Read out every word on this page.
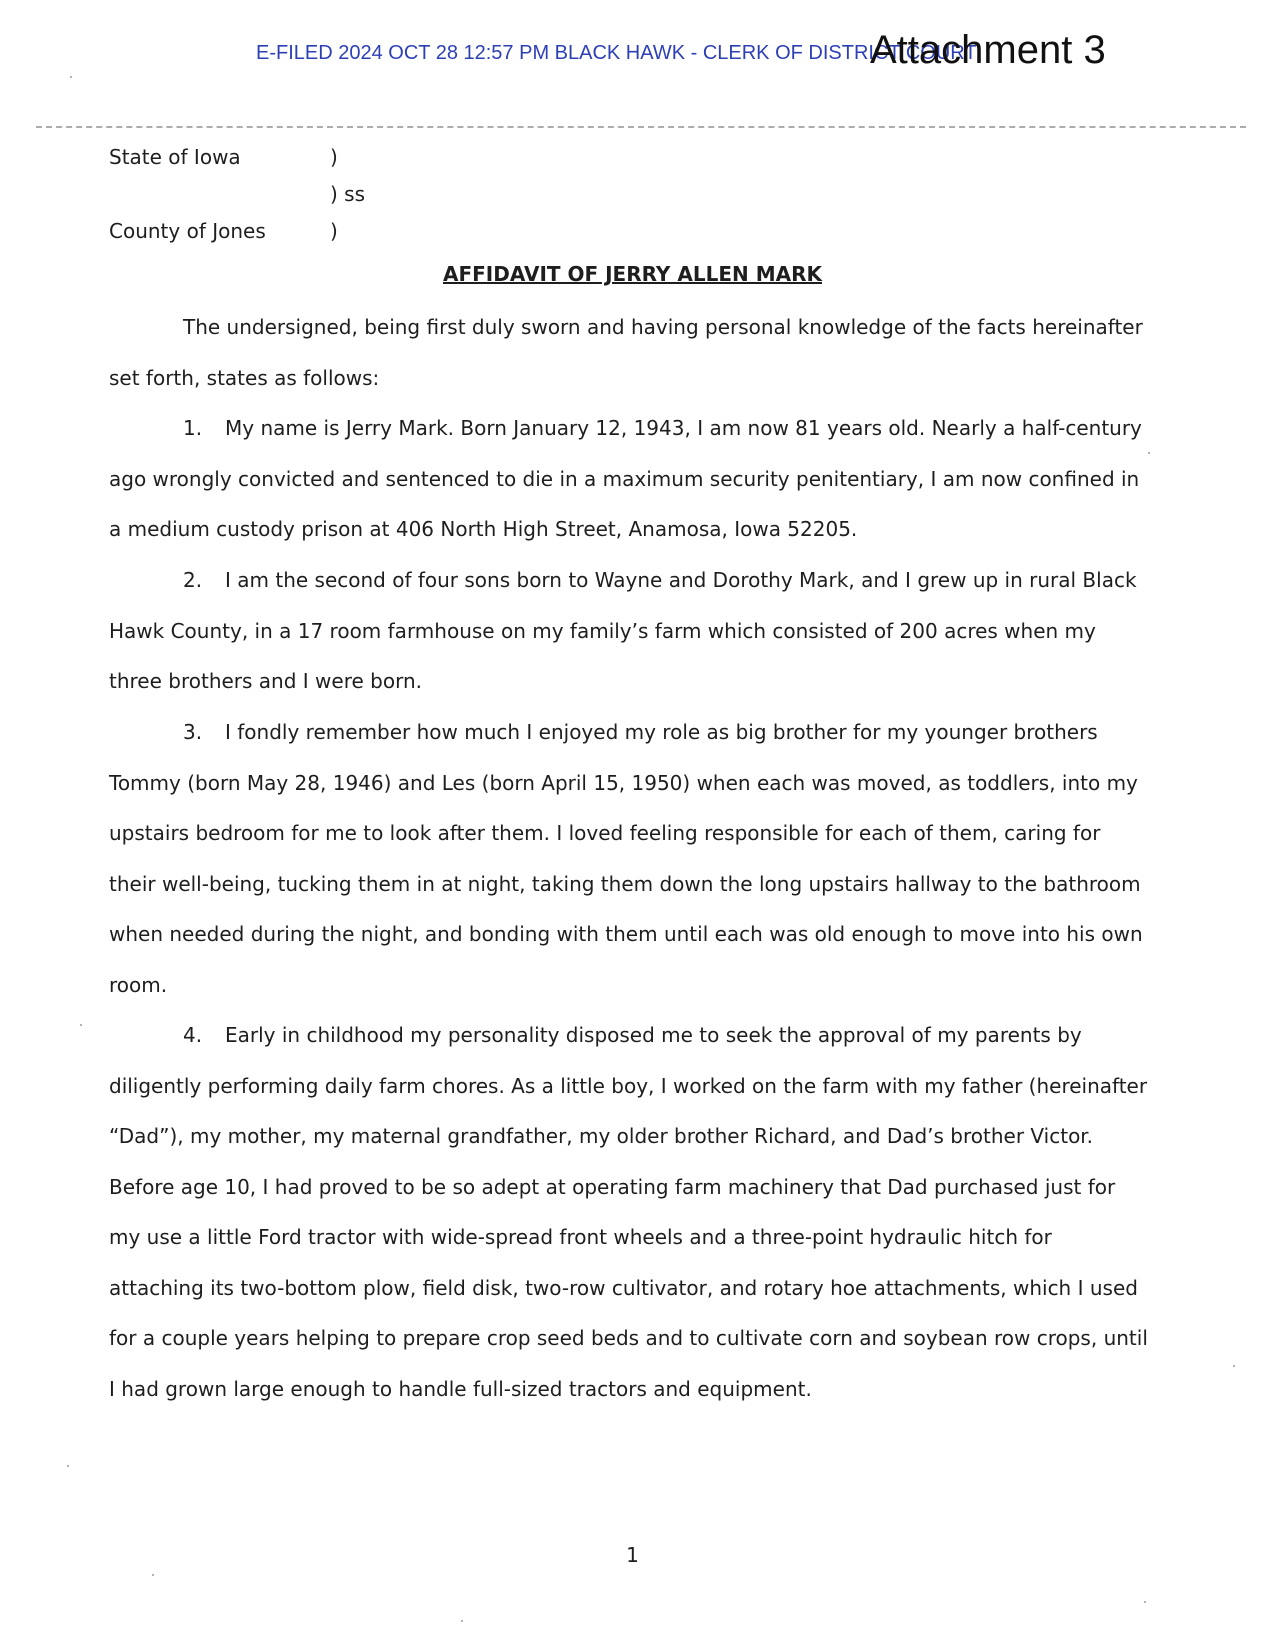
E-FILED 2024 OCT 28 12:57 PM BLACK HAWK - CLERK OF DISTRICT COURT
Attachment 3
State of Iowa	)
) ss
County of Jones	)
AFFIDAVIT OF JERRY ALLEN MARK

The undersigned, being first duly sworn and having personal knowledge of the facts hereinafter set forth, states as follows:

1. My name is Jerry Mark. Born January 12, 1943, I am now 81 years old. Nearly a half-century ago wrongly convicted and sentenced to die in a maximum security penitentiary, I am now confined in a medium custody prison at 406 North High Street, Anamosa, Iowa 52205.

2. I am the second of four sons born to Wayne and Dorothy Mark, and I grew up in rural Black Hawk County, in a 17 room farmhouse on my family’s farm which consisted of 200 acres when my three brothers and I were born.

3. I fondly remember how much I enjoyed my role as big brother for my younger brothers Tommy (born May 28, 1946) and Les (born April 15, 1950) when each was moved, as toddlers, into my upstairs bedroom for me to look after them. I loved feeling responsible for each of them, caring for their well-being, tucking them in at night, taking them down the long upstairs hallway to the bathroom when needed during the night, and bonding with them until each was old enough to move into his own room.

4. Early in childhood my personality disposed me to seek the approval of my parents by diligently performing daily farm chores. As a little boy, I worked on the farm with my father (hereinafter “Dad”), my mother, my maternal grandfather, my older brother Richard, and Dad’s brother Victor. Before age 10, I had proved to be so adept at operating farm machinery that Dad purchased just for my use a little Ford tractor with wide-spread front wheels and a three-point hydraulic hitch for attaching its two-bottom plow, field disk, two-row cultivator, and rotary hoe attachments, which I used for a couple years helping to prepare crop seed beds and to cultivate corn and soybean row crops, until I had grown large enough to handle full-sized tractors and equipment.

1
